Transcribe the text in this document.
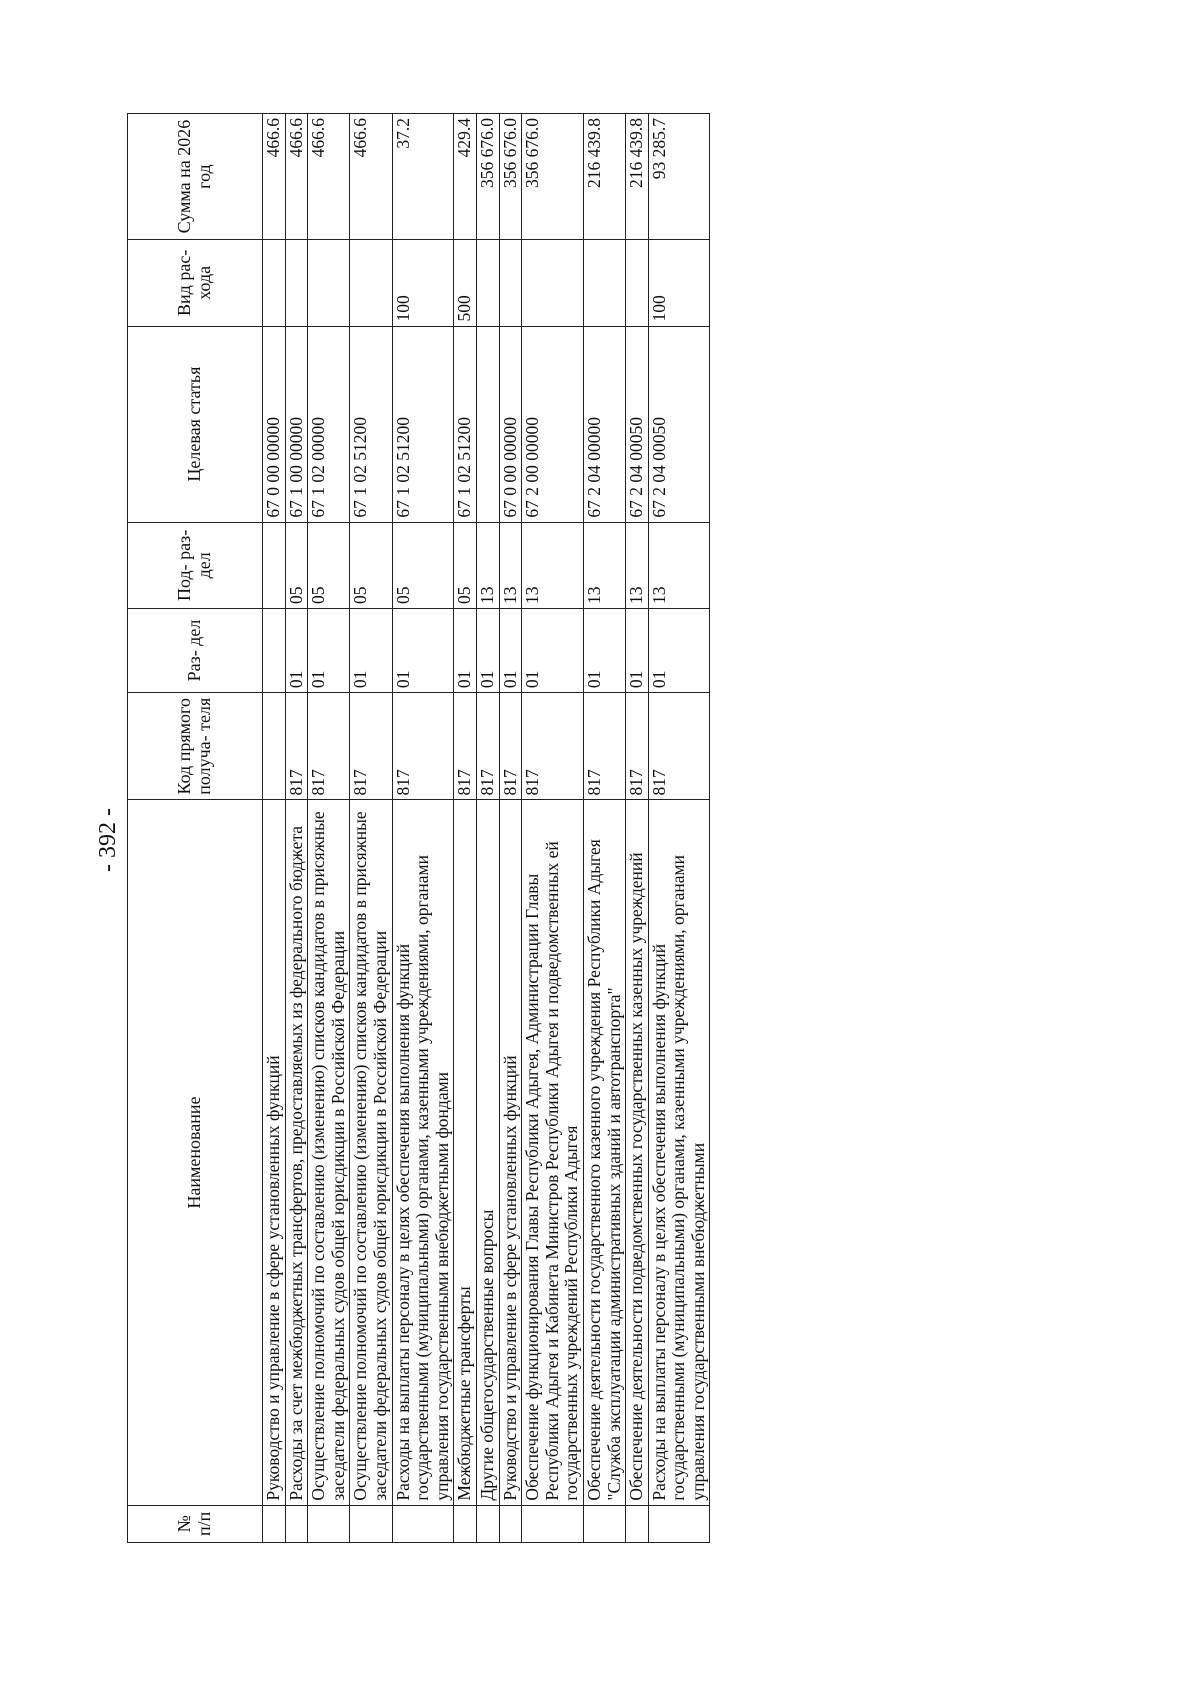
- 392 -
№ п/п	Наименование	Код прямого получа- теля	Раз- дел	Под- раз- дел	Целевая статья	Вид рас- хода	Сумма на 2026 год
	Руководство и управление в сфере установленных функций				67 0 00 00000		466.6
	Расходы за счет межбюджетных трансфертов, предоставляемых из федерального бюджета	817	01	05	67 1 00 00000		466.6
	Осуществление полномочий по составлению (изменению) списков кандидатов в присяжные заседатели федеральных судов общей юрисдикции в Российской Федерации	817	01	05	67 1 02 00000		466.6
	Осуществление полномочий по составлению (изменению) списков кандидатов в присяжные заседатели федеральных судов общей юрисдикции в Российской Федерации	817	01	05	67 1 02 51200		466.6
	Расходы на выплаты персоналу в целях обеспечения выполнения функций государственными (муниципальными) органами, казенными учреждениями, органами управления государственными внебюджетными фондами	817	01	05	67 1 02 51200	100	37.2
	Межбюджетные трансферты	817	01	05	67 1 02 51200	500	429.4
	Другие общегосударственные вопросы	817	01	13			356 676.0
	Руководство и управление в сфере установленных функций	817	01	13	67 0 00 00000		356 676.0
	Обеспечение функционирования Главы Республики Адыгея, Администрации Главы Республики Адыгея и Кабинета Министров Республики Адыгея и подведомственных ей государственных учреждений Республики Адыгея	817	01	13	67 2 00 00000		356 676.0
	Обеспечение деятельности государственного казенного учреждения Республики Адыгея "Служба эксплуатации административных зданий и автотранспорта"	817	01	13	67 2 04 00000		216 439.8
	Обеспечение деятельности подведомственных государственных казенных учреждений	817	01	13	67 2 04 00050		216 439.8
	Расходы на выплаты персоналу в целях обеспечения выполнения функций государственными (муниципальными) органами, казенными учреждениями, органами управления государственными внебюджетными	817	01	13	67 2 04 00050	100	93 285.7
